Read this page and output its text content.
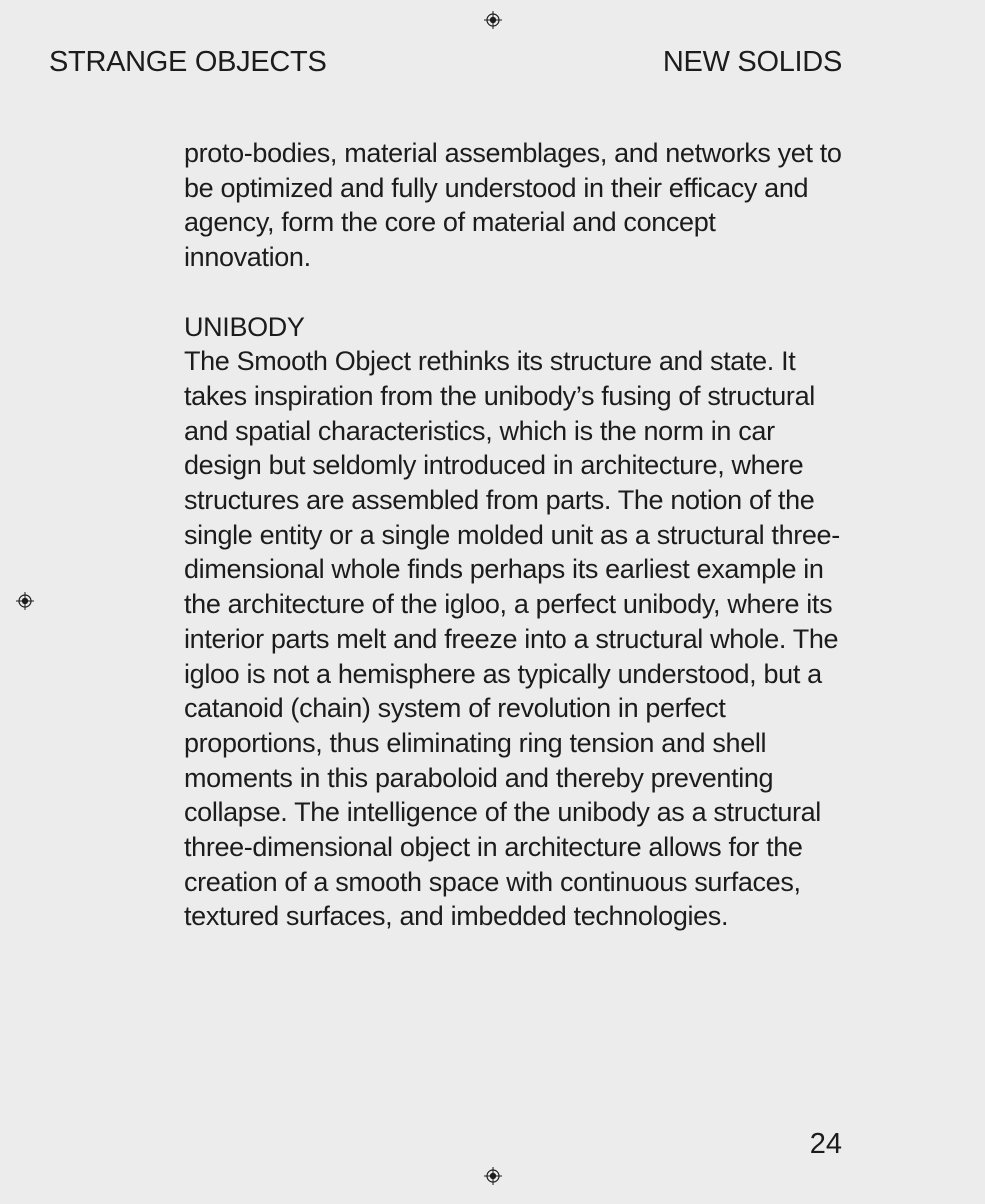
STRANGE OBJECTS	NEW SOLIDS

proto-bodies, material assemblages, and networks yet to be optimized and fully understood in their efficacy and agency, form the core of material and concept innovation.

UNIBODY

The Smooth Object rethinks its structure and state. It takes inspiration from the unibody’s fusing of structural and spatial characteristics, which is the norm in car design but seldomly introduced in architecture, where structures are assembled from parts. The notion of the single entity or a single molded unit as a structural three-dimensional whole finds perhaps its earliest example in the architecture of the igloo, a perfect unibody, where its interior parts melt and freeze into a structural whole. The igloo is not a hemisphere as typically understood, but a catanoid (chain) system of revolution in perfect proportions, thus eliminating ring tension and shell moments in this paraboloid and thereby preventing collapse. The intelligence of the unibody as a structural three-dimensional object in architecture allows for the creation of a smooth space with continuous surfaces, textured surfaces, and imbedded technologies.

24
